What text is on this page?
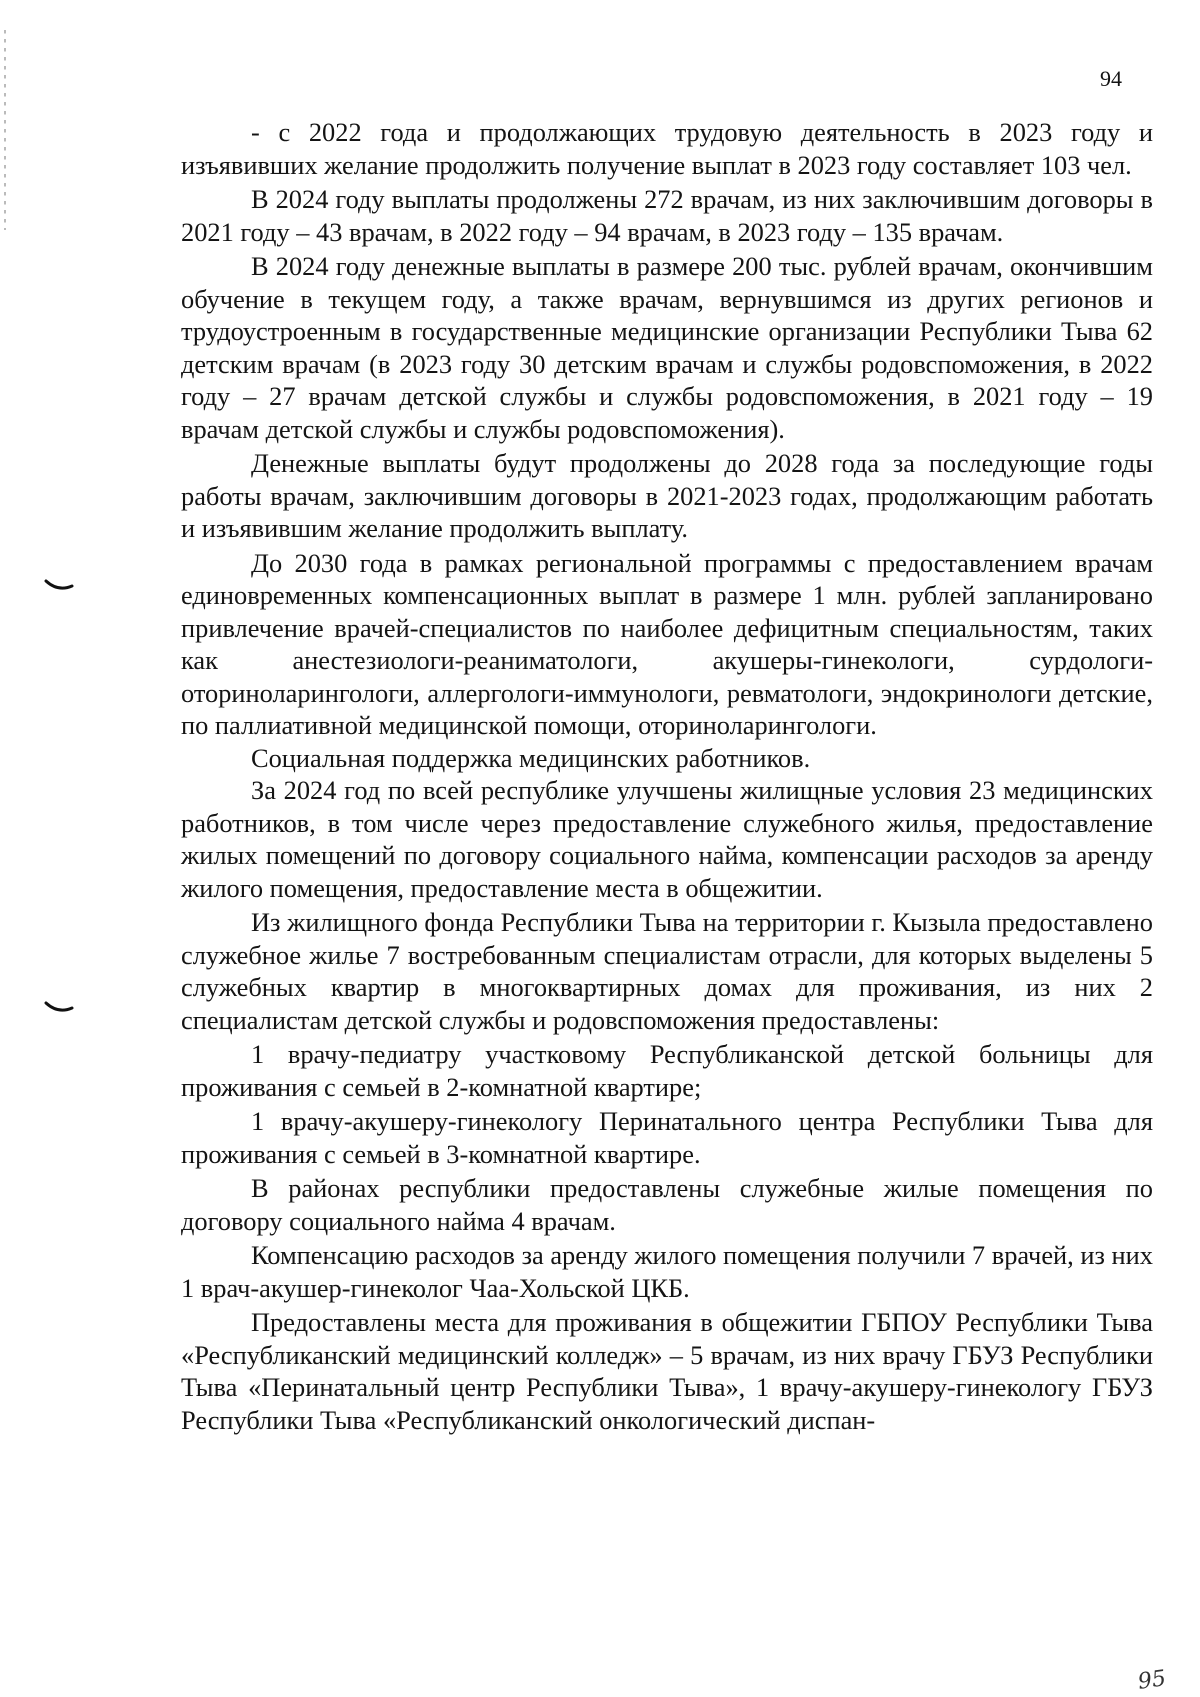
94

- с 2022 года и продолжающих трудовую деятельность в 2023 году и изъявивших желание продолжить получение выплат в 2023 году составляет 103 чел.

В 2024 году выплаты продолжены 272 врачам, из них заключившим договоры в 2021 году – 43 врачам, в 2022 году – 94 врачам, в 2023 году – 135 врачам.

В 2024 году денежные выплаты в размере 200 тыс. рублей врачам, окончившим обучение в текущем году, а также врачам, вернувшимся из других регионов и трудоустроенным в государственные медицинские организации Республики Тыва 62 детским врачам (в 2023 году 30 детским врачам и службы родовспоможения, в 2022 году – 27 врачам детской службы и службы родовспоможения, в 2021 году – 19 врачам детской службы и службы родовспоможения).

Денежные выплаты будут продолжены до 2028 года за последующие годы работы врачам, заключившим договоры в 2021-2023 годах, продолжающим работать и изъявившим желание продолжить выплату.

До 2030 года в рамках региональной программы с предоставлением врачам единовременных компенсационных выплат в размере 1 млн. рублей запланировано привлечение врачей-специалистов по наиболее дефицитным специальностям, таких как анестезиологи-реаниматологи, акушеры-гинекологи, сурдологи-оториноларингологи, аллергологи-иммунологи, ревматологи, эндокринологи детские, по паллиативной медицинской помощи, оториноларингологи.

Социальная поддержка медицинских работников.

За 2024 год по всей республике улучшены жилищные условия 23 медицинских работников, в том числе через предоставление служебного жилья, предоставление жилых помещений по договору социального найма, компенсации расходов за аренду жилого помещения, предоставление места в общежитии.

Из жилищного фонда Республики Тыва на территории г. Кызыла предоставлено служебное жилье 7 востребованным специалистам отрасли, для которых выделены 5 служебных квартир в многоквартирных домах для проживания, из них 2 специалистам детской службы и родовспоможения предоставлены:

1 врачу-педиатру участковому Республиканской детской больницы для проживания с семьей в 2-комнатной квартире;

1 врачу-акушеру-гинекологу Перинатального центра Республики Тыва для проживания с семьей в 3-комнатной квартире.

В районах республики предоставлены служебные жилые помещения по договору социального найма 4 врачам.

Компенсацию расходов за аренду жилого помещения получили 7 врачей, из них 1 врач-акушер-гинеколог Чаа-Хольской ЦКБ.

Предоставлены места для проживания в общежитии ГБПОУ Республики Тыва «Республиканский медицинский колледж» – 5 врачам, из них врачу ГБУЗ Республики Тыва «Перинатальный центр Республики Тыва», 1 врачу-акушеру-гинекологу ГБУЗ Республики Тыва «Республиканский онкологический диспан-

95
